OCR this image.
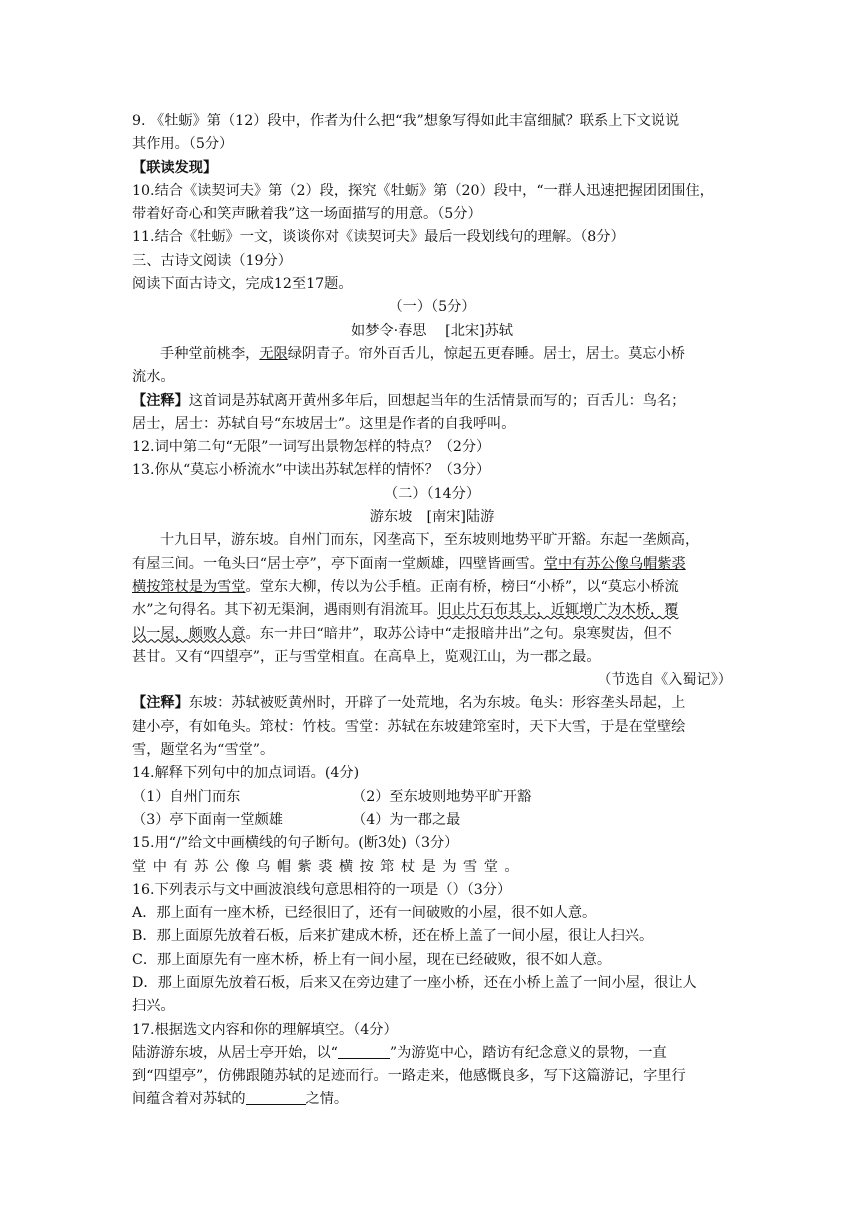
9. 《牡蛎》第（12）段中，作者为什么把“我”想象写得如此丰富细腻？联系上下文说说
其作用。（5分）
【联读发现】
10.结合《读契诃夫》第（2）段，探究《牡蛎》第（20）段中，“一群人迅速把握团团围住，
带着好奇心和笑声瞅着我”这一场面描写的用意。（5分）
11.结合《牡蛎》一文，谈谈你对《读契诃夫》最后一段划线句的理解。（8分）
三、古诗文阅读（19分）
阅读下面古诗文，完成12至17题。
（一）（5分）
如梦令·春思　 [北宋]苏轼
手种堂前桃李，无限绿阴青子。帘外百舌儿，惊起五更春睡。居士，居士。莫忘小桥
流水。
【注释】这首词是苏轼离开黄州多年后，回想起当年的生活情景而写的；百舌儿：鸟名；
居士，居士：苏轼自号“东坡居士”。这里是作者的自我呼叫。
12.词中第二句“无限”一词写出景物怎样的特点？（2分）
13.你从“莫忘小桥流水”中读出苏轼怎样的情怀？（3分）
（二）（14分）
游东坡　[南宋]陆游
十九日早，游东坡。自州门而东，冈垄高下，至东坡则地势平旷开豁。东起一垄颇高，
有屋三间。一龟头曰“居士亭”，亭下面南一堂颇雄，四壁皆画雪。堂中有苏公像乌帽紫裘
横按筇杖是为雪堂。堂东大柳，传以为公手植。正南有桥，榜曰“小桥”，以“莫忘小桥流
水”之句得名。其下初无渠涧，遇雨则有涓流耳。旧止片石布其上，近辄增广为木桥，覆
以一屋，颇败人意。东一井曰“暗井”，取苏公诗中“走报暗井出”之句。泉寒熨齿，但不
甚甘。又有“四望亭”，正与雪堂相直。在高阜上，览观江山，为一郡之最。
（节选自《入蜀记》）
【注释】东坡：苏轼被贬黄州时，开辟了一处荒地，名为东坡。龟头：形容垄头昂起，上
建小亭，有如龟头。筇杖：竹枝。雪堂：苏轼在东坡建筇室时，天下大雪，于是在堂壁绘
雪，题堂名为“雪堂”。
14.解释下列句中的加点词语。(4分)
（1）自州门而东	（2）至东坡则地势平旷开豁
（3）亭下面南一堂颇雄	（4）为一郡之最
15.用“/”给文中画横线的句子断句。(断3处)（3分）
堂中有苏公像乌帽紫裘横按筇杖是为雪堂。
16.下列表示与文中画波浪线句意思相符的一项是（）（3分）
A．那上面有一座木桥，已经很旧了，还有一间破败的小屋，很不如人意。
B．那上面原先放着石板，后来扩建成木桥，还在桥上盖了一间小屋，很让人扫兴。
C．那上面原先有一座木桥，桥上有一间小屋，现在已经破败，很不如人意。
D．那上面原先放着石板，后来又在旁边建了一座小桥，还在小桥上盖了一间小屋，很让人
扫兴。
17.根据选文内容和你的理解填空。（4分）
陆游游东坡，从居士亭开始，以“	”为游览中心，踏访有纪念意义的景物，一直
到“四望亭”，仿佛跟随苏轼的足迹而行。一路走来，他感慨良多，写下这篇游记，字里行
间蕴含着对苏轼的	之情。
